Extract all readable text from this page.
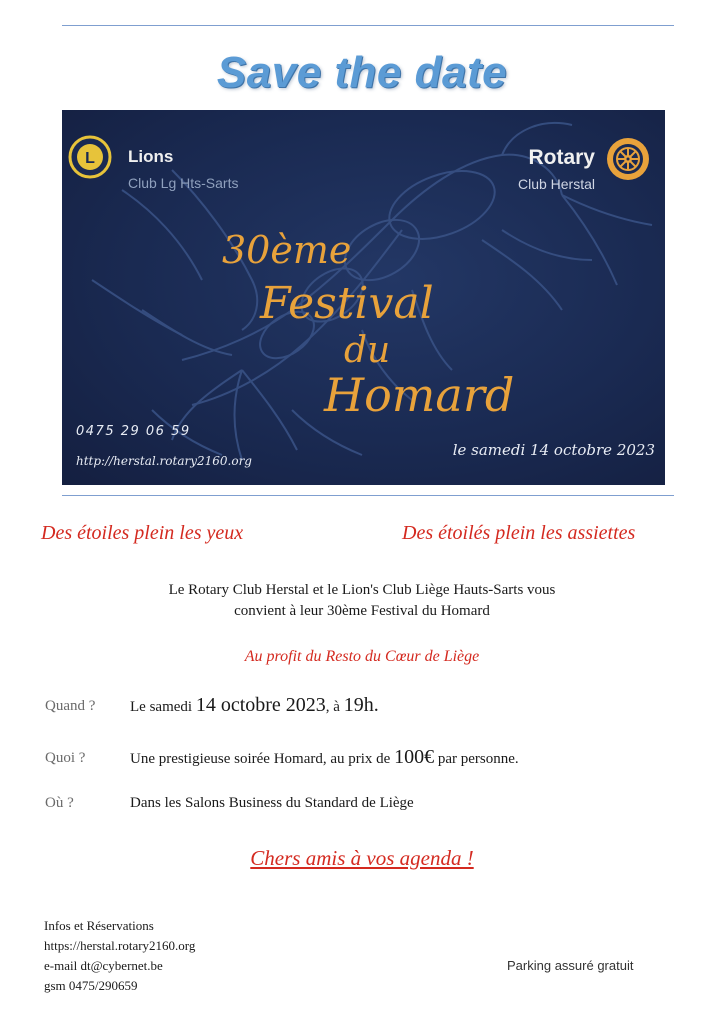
Save the date
L Lions
Club Lg Hts-Sarts
Rotary
Club Herstal
30ème
Festival
du
Homard
0475 29 06 59
http://herstal.rotary2160.org
le samedi 14 octobre 2023
Des étoiles plein les yeux	Des étoilés plein les assiettes
Le Rotary Club Herstal et le Lion's Club Liège Hauts-Sarts vous
convient à leur 30ème Festival du Homard
Au profit du Resto du Cœur de Liège
Quand ? Le samedi 14 octobre 2023, à 19h.
Quoi ?	Une prestigieuse soirée Homard, au prix de 100€ par personne.
Où ?	Dans les Salons Business du Standard de Liège
Chers amis à vos agenda !
Infos et Réservations
https://herstal.rotary2160.org
e-mail dt@cybernet.be
gsm 0475/290659
Parking assuré gratuit
